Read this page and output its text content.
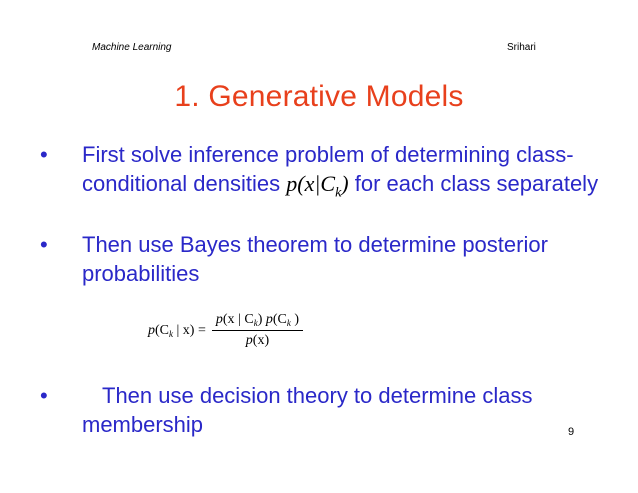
Machine Learning	Srihari
1. Generative Models
• First solve inference problem of determining class-conditional densities $p(x|C_k)$ for each class separately
• Then use Bayes theorem to determine posterior probabilities
$p(C_k$ | $x) = \frac{p(x | C_k) p(C_k )}{p(x)}$
•	Then use decision theory to determine class membership	9
